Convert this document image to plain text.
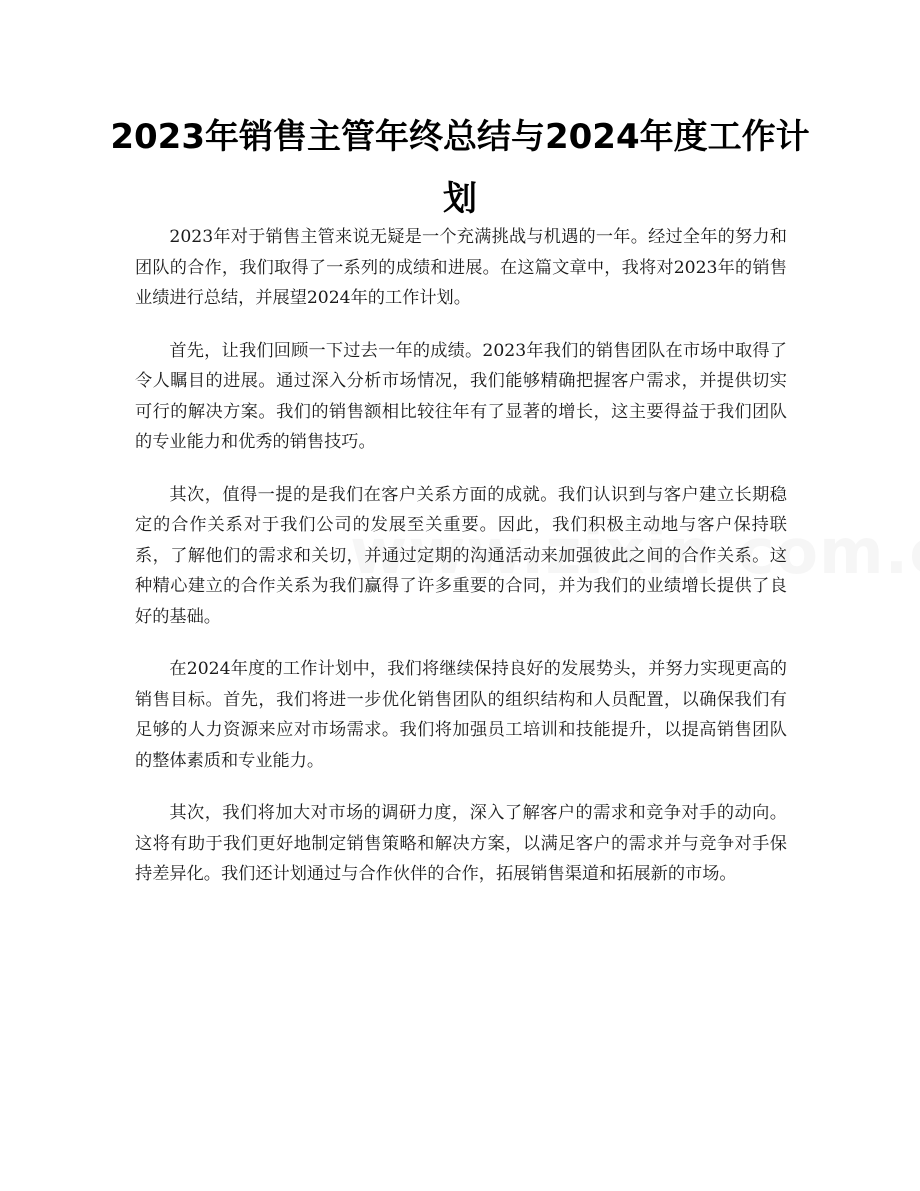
2023年销售主管年终总结与2024年度工作计划

2023年对于销售主管来说无疑是一个充满挑战与机遇的一年。经过全年的努力和团队的合作，我们取得了一系列的成绩和进展。在这篇文章中，我将对2023年的销售业绩进行总结，并展望2024年的工作计划。

首先，让我们回顾一下过去一年的成绩。2023年我们的销售团队在市场中取得了令人瞩目的进展。通过深入分析市场情况，我们能够精确把握客户需求，并提供切实可行的解决方案。我们的销售额相比较往年有了显著的增长，这主要得益于我们团队的专业能力和优秀的销售技巧。

其次，值得一提的是我们在客户关系方面的成就。我们认识到与客户建立长期稳定的合作关系对于我们公司的发展至关重要。因此，我们积极主动地与客户保持联系，了解他们的需求和关切，并通过定期的沟通活动来加强彼此之间的合作关系。这种精心建立的合作关系为我们赢得了许多重要的合同，并为我们的业绩增长提供了良好的基础。

在2024年度的工作计划中，我们将继续保持良好的发展势头，并努力实现更高的销售目标。首先，我们将进一步优化销售团队的组织结构和人员配置，以确保我们有足够的人力资源来应对市场需求。我们将加强员工培训和技能提升，以提高销售团队的整体素质和专业能力。

其次，我们将加大对市场的调研力度，深入了解客户的需求和竞争对手的动向。这将有助于我们更好地制定销售策略和解决方案，以满足客户的需求并与竞争对手保持差异化。我们还计划通过与合作伙伴的合作，拓展销售渠道和拓展新的市场。
